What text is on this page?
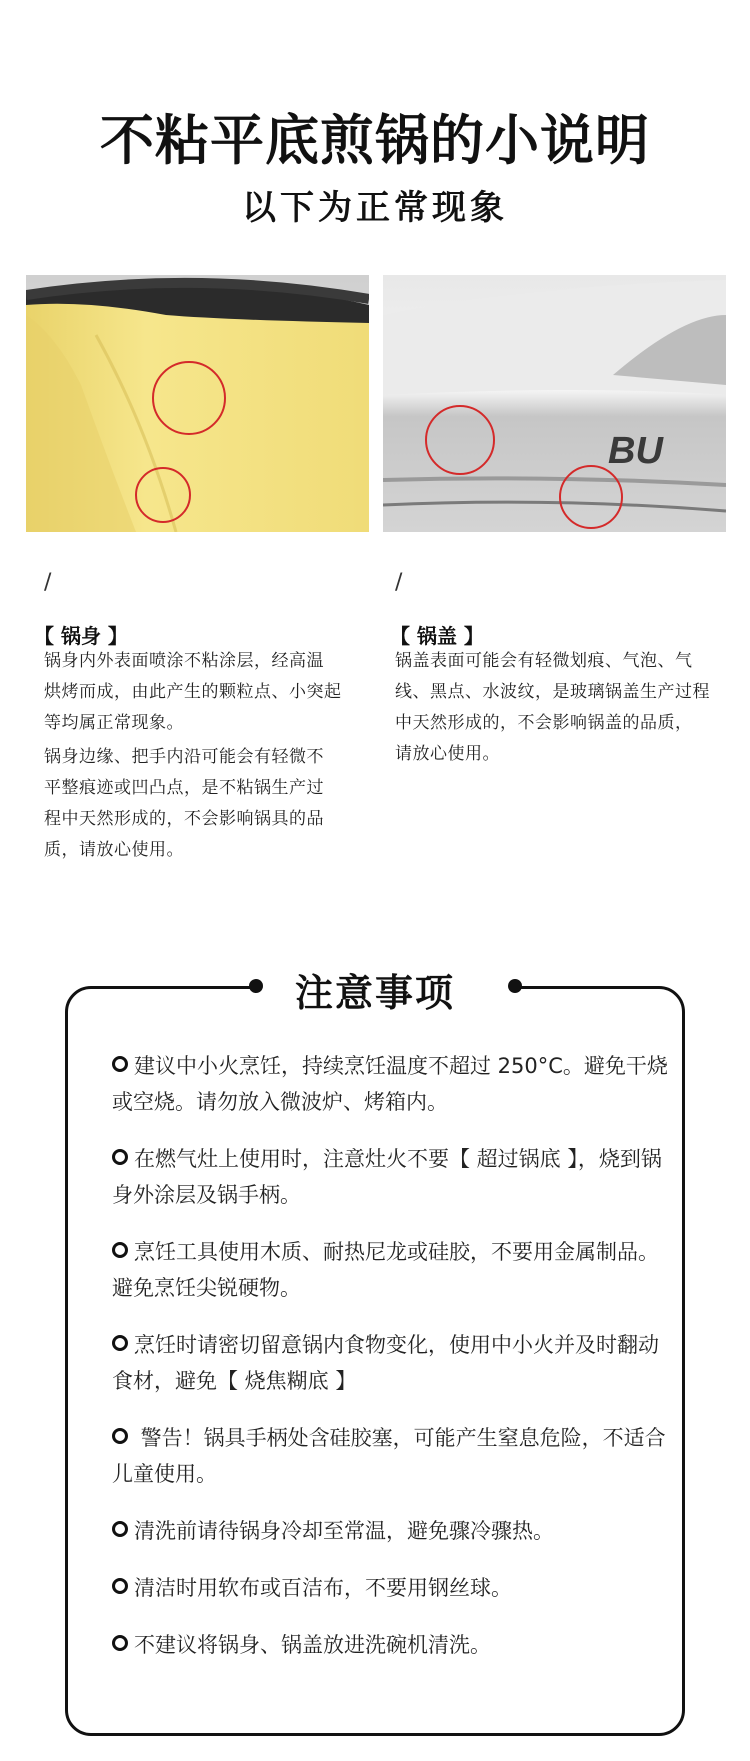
不粘平底煎锅的小说明
以下为正常现象
BU
/	/
【 锅身 】	【 锅盖 】
锅身内外表面喷涂不粘涂层，经高温
烘烤而成，由此产生的颗粒点、小突起
等均属正常现象。
锅身边缘、把手内沿可能会有轻微不
平整痕迹或凹凸点，是不粘锅生产过
程中天然形成的，不会影响锅具的品
质，请放心使用。
锅盖表面可能会有轻微划痕、气泡、气
线、黑点、水波纹，是玻璃锅盖生产过程
中天然形成的，不会影响锅盖的品质，
请放心使用。
注意事项
建议中小火烹饪，持续烹饪温度不超过 250°C。避免干烧或空烧。请勿放入微波炉、烤箱内。
在燃气灶上使用时，注意灶火不要【 超过锅底 】，烧到锅身外涂层及锅手柄。
烹饪工具使用木质、耐热尼龙或硅胶，不要用金属制品。避免烹饪尖锐硬物。
烹饪时请密切留意锅内食物变化，使用中小火并及时翻动食材，避免【 烧焦糊底 】
警告！锅具手柄处含硅胶塞，可能产生窒息危险，不适合儿童使用。
清洗前请待锅身冷却至常温，避免骤冷骤热。
清洁时用软布或百洁布，不要用钢丝球。
不建议将锅身、锅盖放进洗碗机清洗。
